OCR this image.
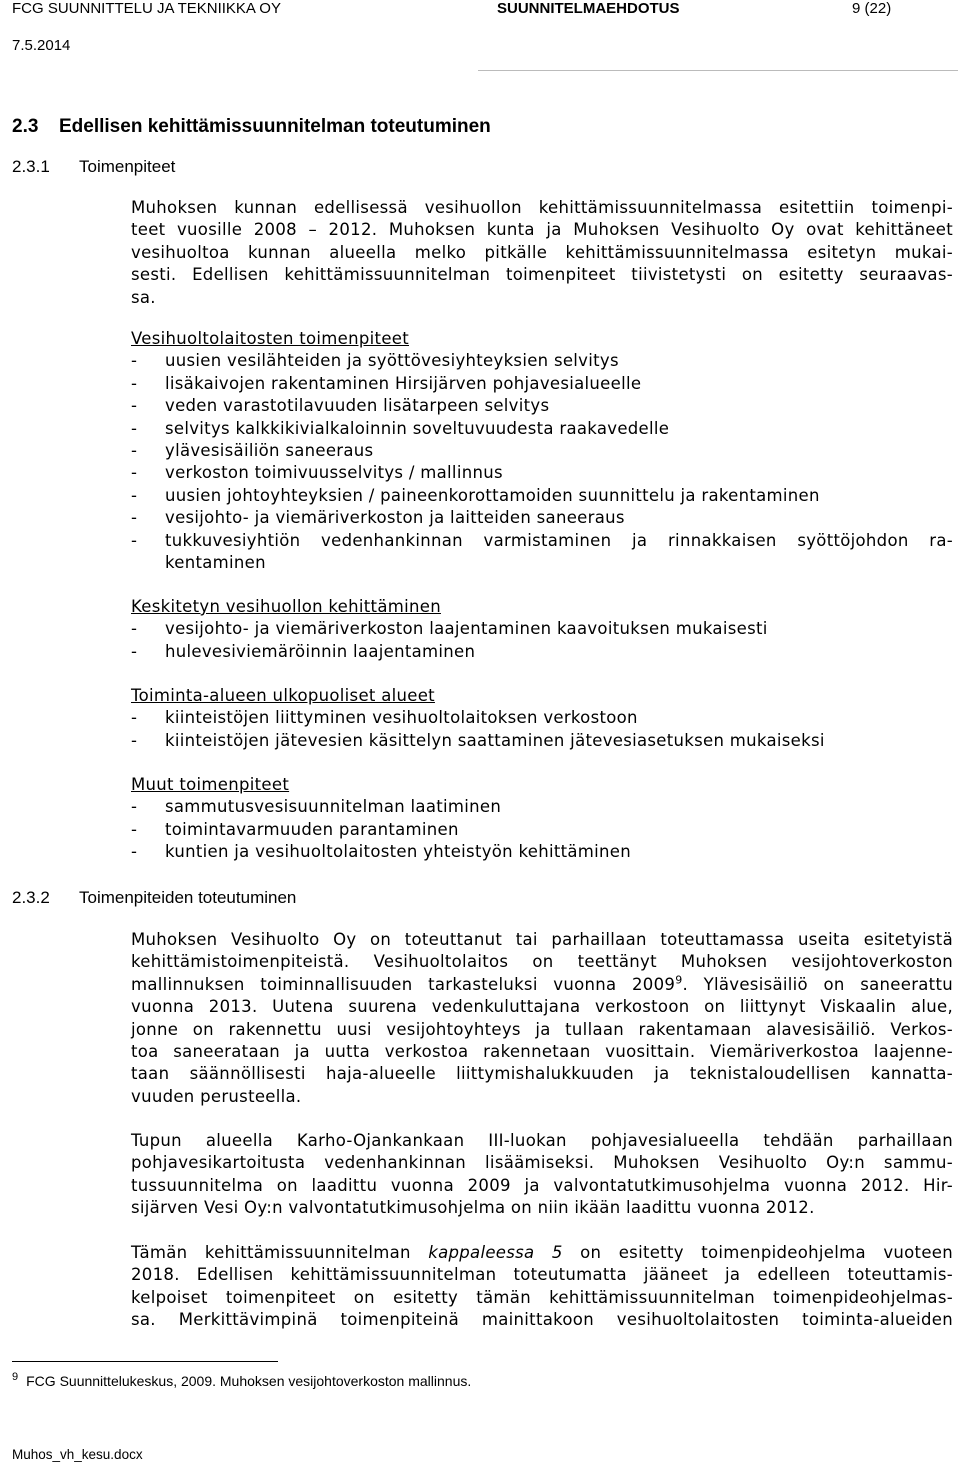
FCG SUUNNITTELU JA TEKNIIKKA OY	SUUNNITELMAEHDOTUS	9 (22)
7.5.2014
2.3 Edellisen kehittämissuunnitelman toteutuminen
2.3.1 Toimenpiteet
Muhoksen kunnan edellisessä vesihuollon kehittämissuunnitelmassa esitettiin toimenpi-
teet vuosille 2008 – 2012. Muhoksen kunta ja Muhoksen Vesihuolto Oy ovat kehittäneet
vesihuoltoa kunnan alueella melko pitkälle kehittämissuunnitelmassa esitetyn mukai-
sesti. Edellisen kehittämissuunnitelman toimenpiteet tiivistetysti on esitetty seuraavas-
sa.
Vesihuoltolaitosten toimenpiteet
-	uusien vesilähteiden ja syöttövesiyhteyksien selvitys
-	lisäkaivojen rakentaminen Hirsijärven pohjavesialueelle
-	veden varastotilavuuden lisätarpeen selvitys
-	selvitys kalkkikivialkaloinnin soveltuvuudesta raakavedelle
-	ylävesisäiliön saneeraus
-	verkoston toimivuusselvitys / mallinnus
-	uusien johtoyhteyksien / paineenkorottamoiden suunnittelu ja rakentaminen
-	vesijohto- ja viemäriverkoston ja laitteiden saneeraus
-	tukkuvesiyhtiön vedenhankinnan varmistaminen ja rinnakkaisen syöttöjohdon ra-
kentaminen
Keskitetyn vesihuollon kehittäminen
-	vesijohto- ja viemäriverkoston laajentaminen kaavoituksen mukaisesti
-	hulevesiviemäröinnin laajentaminen
Toiminta-alueen ulkopuoliset alueet
-	kiinteistöjen liittyminen vesihuoltolaitoksen verkostoon
-	kiinteistöjen jätevesien käsittelyn saattaminen jätevesiasetuksen mukaiseksi
Muut toimenpiteet
-	sammutusvesisuunnitelman laatiminen
-	toimintavarmuuden parantaminen
-	kuntien ja vesihuoltolaitosten yhteistyön kehittäminen
2.3.2 Toimenpiteiden toteutuminen
Muhoksen Vesihuolto Oy on toteuttanut tai parhaillaan toteuttamassa useita esitetyistä
kehittämistoimenpiteistä. Vesihuoltolaitos on teettänyt Muhoksen vesijohtoverkoston
mallinnuksen toiminnallisuuden tarkasteluksi vuonna 2009$^9$. Ylävesisäiliö on saneerattu
vuonna 2013. Uutena suurena vedenkuluttajana verkostoon on liittynyt Viskaalin alue,
jonne on rakennettu uusi vesijohtoyhteys ja tullaan rakentamaan alavesisäiliö. Verkos-
toa saneerataan ja uutta verkostoa rakennetaan vuosittain. Viemäriverkostoa laajenne-
taan säännöllisesti haja-alueelle liittymishalukkuuden ja teknistaloudellisen kannatta-
vuuden perusteella.
Tupun alueella Karho-Ojankankaan III-luokan pohjavesialueella tehdään parhaillaan
pohjavesikartoitusta vedenhankinnan lisäämiseksi. Muhoksen Vesihuolto Oy:n sammu-
tussuunnitelma on laadittu vuonna 2009 ja valvontatutkimusohjelma vuonna 2012. Hir-
sijärven Vesi Oy:n valvontatutkimusohjelma on niin ikään laadittu vuonna 2012.
Tämän kehittämissuunnitelman kappaleessa 5 on esitetty toimenpideohjelma vuoteen
2018. Edellisen kehittämissuunnitelman toteutumatta jääneet ja edelleen toteuttamis-
kelpoiset toimenpiteet on esitetty tämän kehittämissuunnitelman toimenpideohjelmas-
sa. Merkittävimpinä toimenpiteinä mainittakoon vesihuoltolaitosten toiminta-alueiden
$^9$ FCG Suunnittelukeskus, 2009. Muhoksen vesijohtoverkoston mallinnus.
Muhos_vh_kesu.docx
